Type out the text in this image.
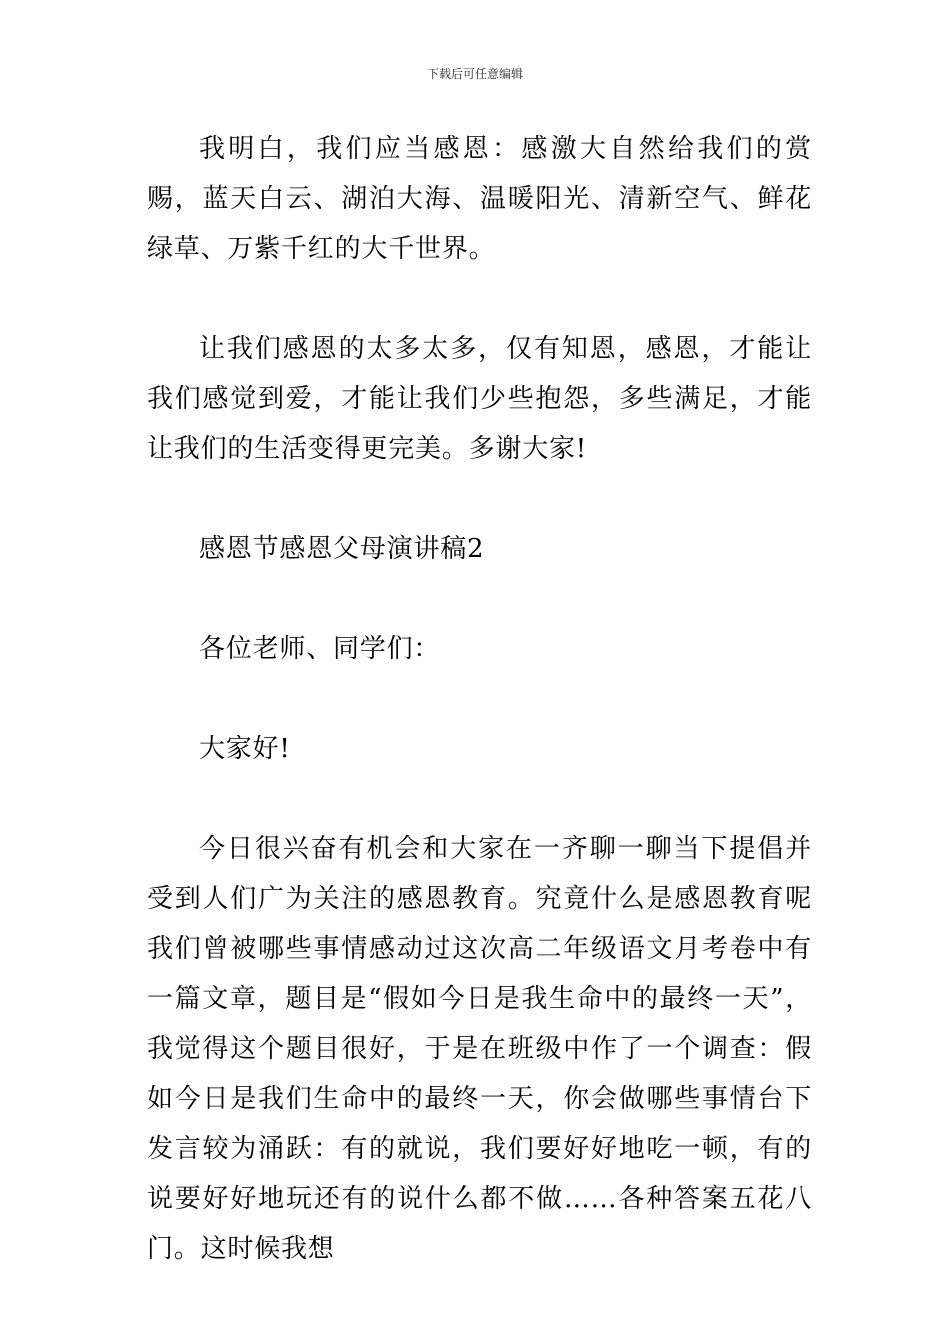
下载后可任意编辑

我明白，我们应当感恩：感激大自然给我们的赏赐，蓝天白云、湖泊大海、温暖阳光、清新空气、鲜花绿草、万紫千红的大千世界。

让我们感恩的太多太多，仅有知恩，感恩，才能让我们感觉到爱，才能让我们少些抱怨，多些满足，才能让我们的生活变得更完美。多谢大家!

感恩节感恩父母演讲稿2

各位老师、同学们：

大家好!

今日很兴奋有机会和大家在一齐聊一聊当下提倡并受到人们广为关注的感恩教育。究竟什么是感恩教育呢我们曾被哪些事情感动过这次高二年级语文月考卷中有一篇文章，题目是“假如今日是我生命中的最终一天”，我觉得这个题目很好，于是在班级中作了一个调查：假如今日是我们生命中的最终一天，你会做哪些事情台下发言较为涌跃：有的就说，我们要好好地吃一顿，有的说要好好地玩还有的说什么都不做……各种答案五花八门。这时候我想
